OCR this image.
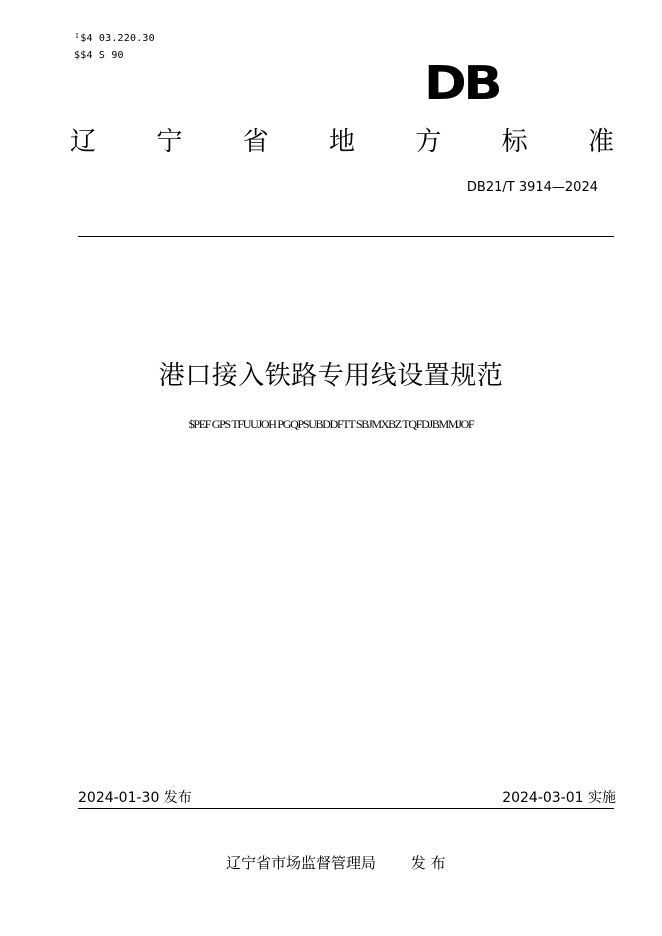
ᴵ$4 03.220.30
$$4 S 90
DB
辽 宁 省 地 方 标 准
DB21/T 3914—2024
港口接入铁路专用线设置规范
$PEF GPS TFUUJOH PGQPSUBDDFTT SBJMXBZ TQFDJBMMJOF
2024-01-30 发布	2024-03-01 实施
辽宁省市场监督管理局 发 布
